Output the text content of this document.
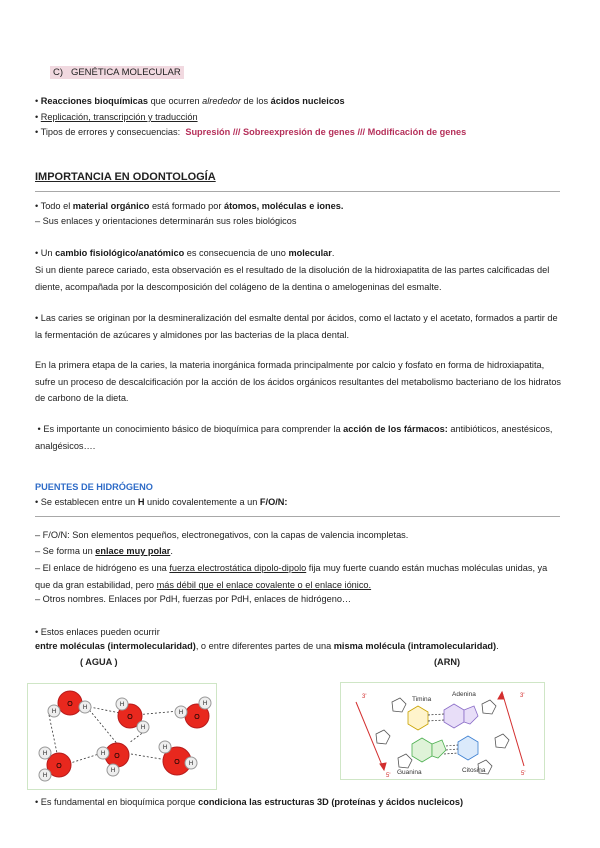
C) GENÉTICA MOLECULAR
• Reacciones bioquímicas que ocurren alrededor de los ácidos nucleicos
• Replicación, transcripción y traducción
• Tipos de errores y consecuencias: Supresión /// Sobreexpresión de genes /// Modificación de genes
IMPORTANCIA EN ODONTOLOGÍA
• Todo el material orgánico está formado por átomos, moléculas e iones.
– Sus enlaces y orientaciones determinarán sus roles biológicos
• Un cambio fisiológico/anatómico es consecuencia de uno molecular.
Si un diente parece cariado, esta observación es el resultado de la disolución de la hidroxiapatita de las partes calcificadas del diente, acompañada por la descomposición del colágeno de la dentina o amelogeninas del esmalte.
• Las caries se originan por la desmineralización del esmalte dental por ácidos, como el lactato y el acetato, formados a partir de la fermentación de azúcares y almidones por las bacterias de la placa dental.
En la primera etapa de la caries, la materia inorgánica formada principalmente por calcio y fosfato en forma de hidroxiapatita, sufre un proceso de descalcificación por la acción de los ácidos orgánicos resultantes del metabolismo bacteriano de los hidratos de carbono de la dieta.
• Es importante un conocimiento básico de bioquímica para comprender la acción de los fármacos: antibióticos, anestésicos, analgésicos….
PUENTES DE HIDRÓGENO
• Se establecen entre un H unido covalentemente a un F/O/N:
– F/O/N: Son elementos pequeños, electronegativos, con la capas de valencia incompletas.
– Se forma un enlace muy polar.
– El enlace de hidrógeno es una fuerza electrostática dipolo-dipolo fija muy fuerte cuando están muchas moléculas unidas, ya que da gran estabilidad, pero más débil que el enlace covalente o el enlace iónico.
– Otros nombres. Enlaces por PdH, fuerzas por PdH, enlaces de hidrógeno…
• Estos enlaces pueden ocurrir
entre moléculas (intermolecularidad), o entre diferentes partes de una misma molécula (intramolecularidad).
( AGUA )	(ARN)
O
O	O
O
O
O
H
H	H
H
H
H
H
H
H
H
H
H
3'
5'
3'
5'
Timina
Adenina
Guanina	Citosina
• Es fundamental en bioquímica porque condiciona las estructuras 3D (proteínas y ácidos nucleicos)
